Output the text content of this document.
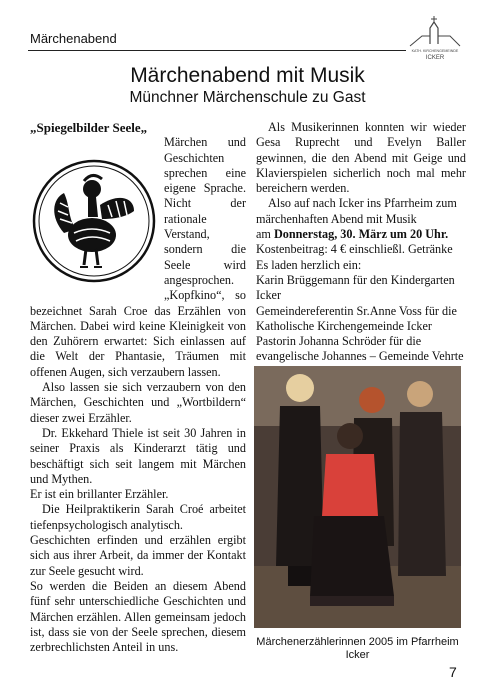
Märchenabend
KATH. KIRCHENGEMEINDE
ICKER
Märchenabend mit Musik
Münchner Märchenschule zu Gast

„Spiegelbilder Seele„

Märchen und Geschichten sprechen eine eigene Sprache. Nicht der rationale Verstand, sondern die Seele wird angesprochen. „Kopfkino“, so bezeichnet Sarah Croe das Erzählen von Märchen. Dabei wird keine Kleinigkeit von den Zuhörern erwartet: Sich einlassen auf die Welt der Phantasie, Träumen mit offenen Augen, sich verzaubern lassen.

Also lassen sie sich verzaubern von den Märchen, Geschichten und „Wortbildern“ dieser zwei Erzähler.

Dr. Ekkehard Thiele ist seit 30 Jahren in seiner Praxis als Kinderarzt tätig und beschäftigt sich seit langem mit Märchen und Mythen.

Er ist ein brillanter Erzähler.

Die Heilpraktikerin Sarah Croé arbeitet tiefenpsychologisch analytisch.

Geschichten erfinden und erzählen ergibt sich aus ihrer Arbeit, da immer der Kontakt zur Seele gesucht wird.

So werden die Beiden an diesem Abend fünf sehr unterschiedliche Geschichten und Märchen erzählen. Allen gemeinsam jedoch ist, dass sie von der Seele sprechen, diesem zerbrechlichsten Anteil in uns.

Als Musikerinnen konnten wir wieder Gesa Ruprecht und Evelyn Baller gewinnen, die den Abend mit Geige und Klavierspielen sicherlich noch mal mehr bereichern werden.

Also auf nach Icker ins Pfarrheim zum märchenhaften Abend mit Musik

am Donnerstag, 30. März um 20 Uhr.

Kostenbeitrag: 4 € einschließl. Getränke

Es laden herzlich ein:

Karin Brüggemann für den Kindergarten Icker

Gemeindereferentin Sr.Anne Voss für die Katholische Kirchengemeinde Icker

Pastorin Johanna Schröder für die evangelische Johannes – Gemeinde Vehrte

Märchenerzählerinnen 2005 im Pfarrheim Icker
7
